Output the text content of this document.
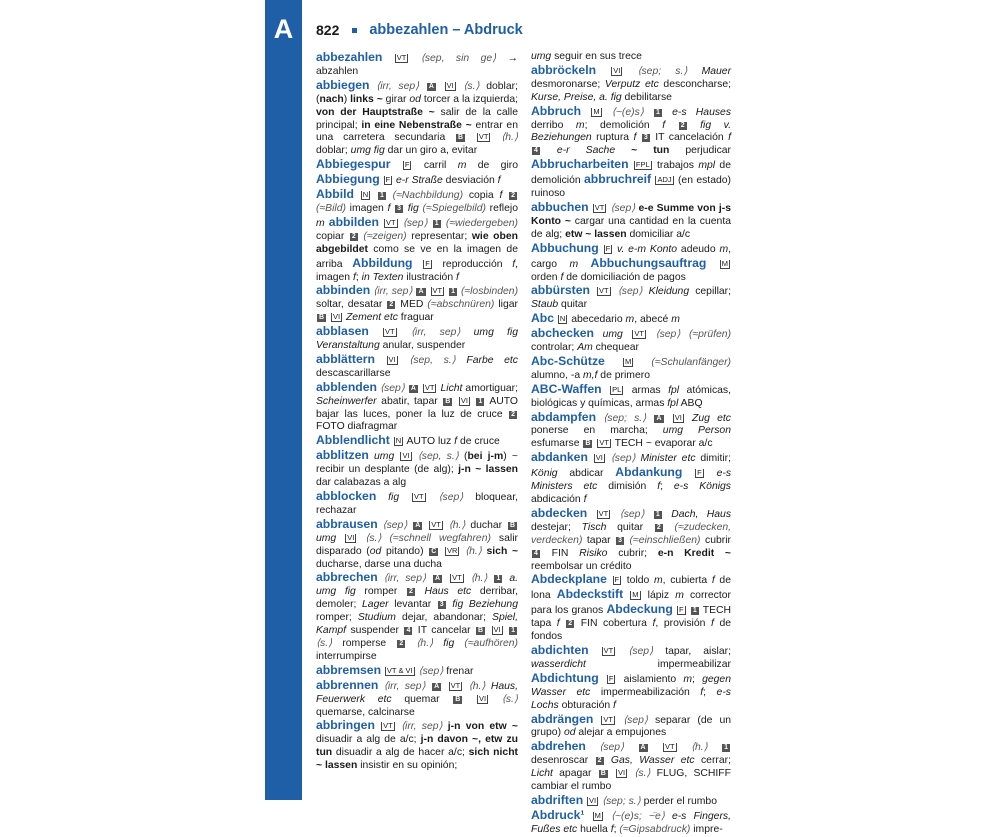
A	822 abbezahlen – Abdruck

abbezahlen VT ⟨sep, sin ge⟩ → abzahlen

abbiegen ⟨irr, sep⟩ A VI ⟨s.⟩ doblar; (nach) links ~ girar od torcer a la izquierda; von der Hauptstraße ~ salir de la calle principal; in eine Nebenstraße ~ entrar en una carretera secundaria B VT ⟨h.⟩ doblar; umg fig dar un giro a, evitar

Abbiegespur F carril m de giro Abbiegung F e-r Straße desviación f

Abbild N 1 (≈Nachbildung) copia f 2 (≈Bild) imagen f 3 fig (≈Spiegelbild) reflejo m abbilden VT ⟨sep⟩ 1 (≈wiedergeben) copiar 2 (≈zeigen) representar; wie oben abgebildet como se ve en la imagen de arriba Abbildung F reproducción f, imagen f; in Texten ilustración f

abbinden ⟨irr, sep⟩ A VT 1 (≈losbinden) soltar, desatar 2 MED (≈abschnüren) ligar B VI Zement etc fraguar

abblasen VT ⟨irr, sep⟩ umg fig Veranstaltung anular, suspender

abblättern VI ⟨sep, s.⟩ Farbe etc descascarillarse

abblenden ⟨sep⟩ A VT Licht amortiguar; Scheinwerfer abatir, tapar B VI 1 AUTO bajar las luces, poner la luz de cruce 2 FOTO diafragmar

Abblendlicht N AUTO luz f de cruce

abblitzen umg VI ⟨sep, s.⟩ (bei j-m) ~ recibir un desplante (de alg); j-n ~ lassen dar calabazas a alg

abblocken fig VT ⟨sep⟩ bloquear, rechazar

abbrausen ⟨sep⟩ A VT ⟨h.⟩ duchar B umg VI ⟨s.⟩ (≈schnell wegfahren) salir disparado (od pitando) C VR ⟨h.⟩ sich ~ ducharse, darse una ducha

abbrechen ⟨irr, sep⟩ A VT ⟨h.⟩ 1 a. umg fig romper 2 Haus etc derribar, demoler; Lager levantar 3 fig Beziehung romper; Studium dejar, abandonar; Spiel, Kampf suspender 4 IT cancelar B VI 1 ⟨s.⟩ romperse 2 ⟨h.⟩ fig (≈aufhören) interrumpirse

abbremsen VT & VI ⟨sep⟩ frenar

abbrennen ⟨irr, sep⟩ A VT ⟨h.⟩ Haus, Feuerwerk etc quemar B VI ⟨s.⟩ quemarse, calcinarse

abbringen VT ⟨irr, sep⟩ j-n von etw ~ disuadir a alg de a/c; j-n davon ~, etw zu tun disuadir a alg de hacer a/c; sich nicht ~ lassen insistir en su opinión;

umg seguir en sus trece

abbröckeln VI ⟨sep; s.⟩ Mauer desmoronarse; Verputz etc desconcharse; Kurse, Preise, a. fig debilitarse

Abbruch M ⟨~(e)s⟩ 1 e-s Hauses derribo m; demolición f 2 fig v. Beziehungen ruptura f 3 IT cancelación f 4 e-r Sache ~ tun perjudicar Abbrucharbeiten FPL trabajos mpl de demolición abbruchreif ADJ (en estado) ruinoso

abbuchen VT ⟨sep⟩ e-e Summe von j-s Konto ~ cargar una cantidad en la cuenta de alg; etw ~ lassen domiciliar a/c

Abbuchung F v. e-m Konto adeudo m, cargo m Abbuchungsauftrag M orden f de domiciliación de pagos

abbürsten VT ⟨sep⟩ Kleidung cepillar; Staub quitar

Abc N abecedario m, abecé m

abchecken umg VT ⟨sep⟩ (≈prüfen) controlar; Am chequear

Abc-Schütze	M (≈Schulanfänger) alumno, -a m,f de primero

ABC-Waffen PL armas fpl atómicas, biológicas y químicas, armas fpl ABQ

abdampfen ⟨sep; s.⟩ A VI Zug etc ponerse en marcha; umg Person esfumarse B VT TECH ~ evaporar a/c

abdanken VI ⟨sep⟩ Minister etc dimitir; König abdicar Abdankung F e-s Ministers etc dimisión f; e-s Königs abdicación f

abdecken VT ⟨sep⟩ 1 Dach, Haus destejar; Tisch quitar 2 (≈zudecken, verdecken) tapar 3 (≈einschließen) cubrir 4 FIN Risiko cubrir; e-n Kredit ~ reembolsar un crédito

Abdeckplane F toldo m, cubierta f de lona Abdeckstift M lápiz m corrector para los granos Abdeckung F 1 TECH tapa f 2 FIN cobertura f, provisión f de fondos

abdichten VT ⟨sep⟩ tapar, aislar; wasserdicht impermeabilizar Abdichtung F aislamiento m; gegen Wasser etc impermeabilización f; e-s Lochs obturación f

abdrängen VT ⟨sep⟩ separar (de un grupo) od alejar a empujones

abdrehen ⟨sep⟩ A	VT ⟨h.⟩ 1 desenroscar 2 Gas, Wasser etc cerrar; Licht apagar B VI ⟨s.⟩ FLUG, SCHIFF cambiar el rumbo

abdriften VI ⟨sep; s.⟩ perder el rumbo

Abdruck¹ M ⟨~(e)s; ~̈e⟩ e-s Fingers, Fußes etc huella f; (≈Gipsabdruck) impre-
